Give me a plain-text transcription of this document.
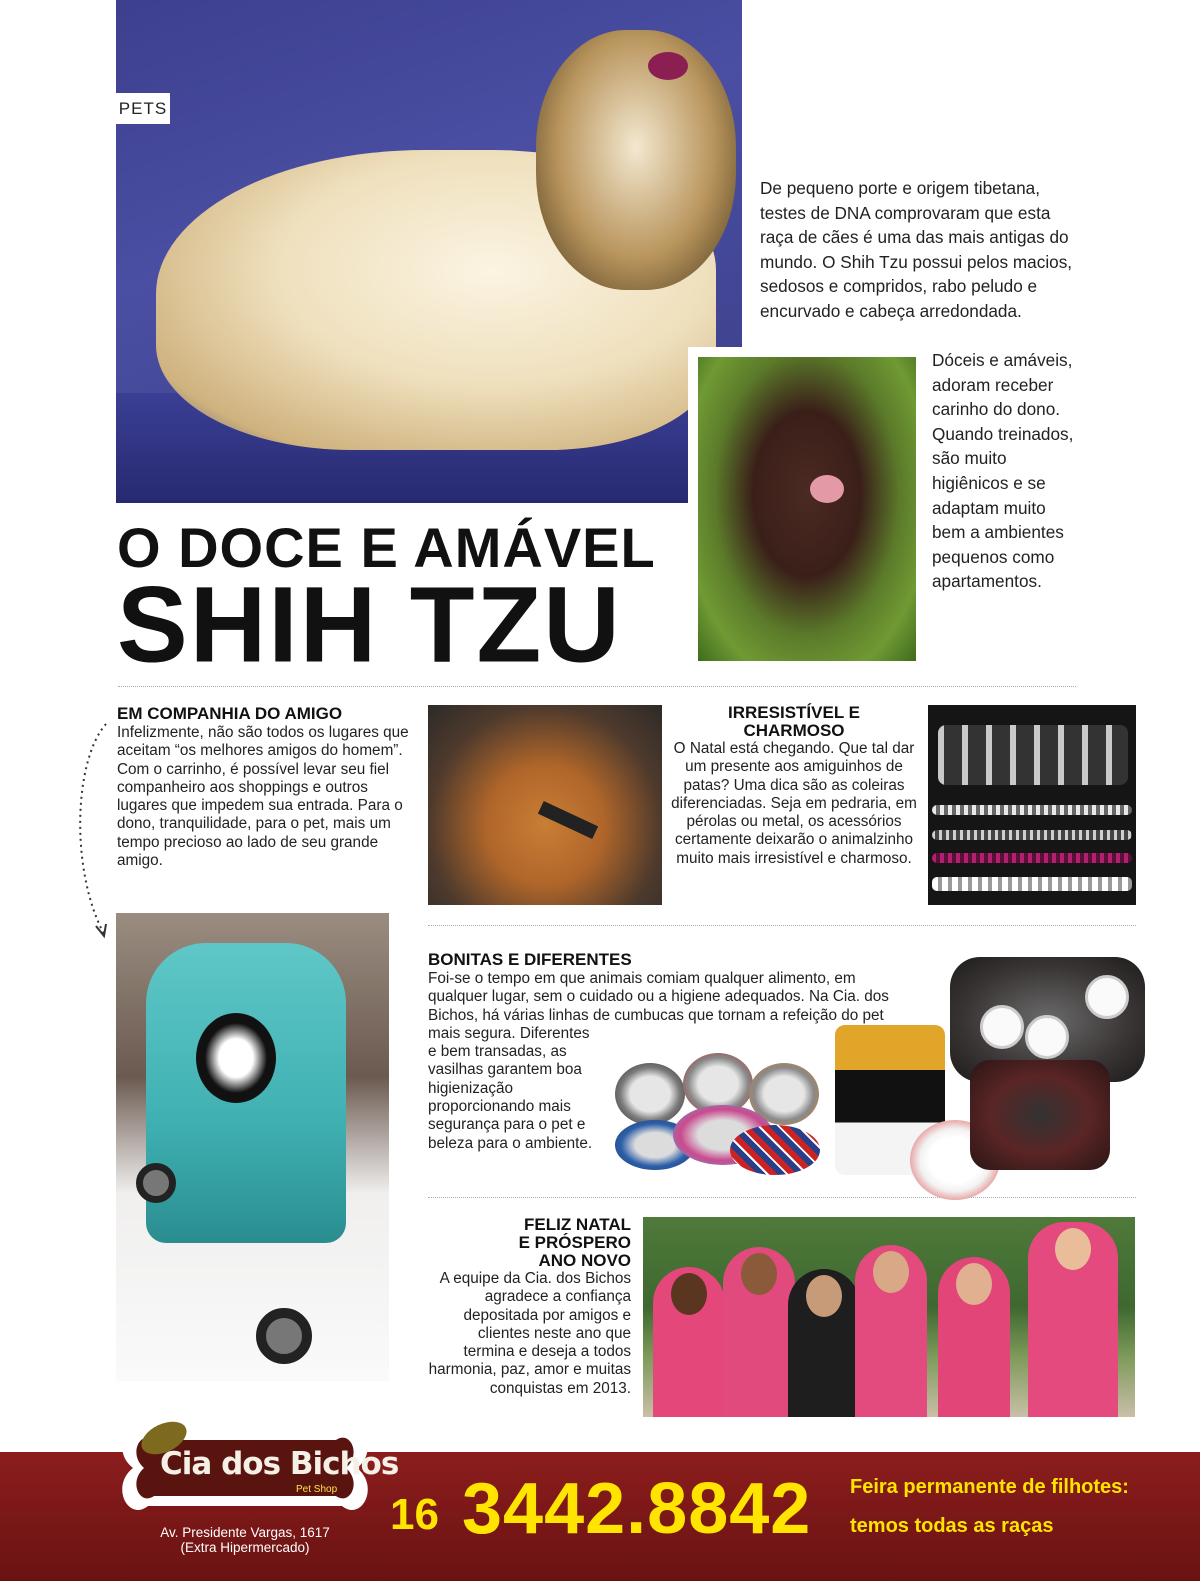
PETS
De pequeno porte e origem tibetana, testes de DNA comprovaram que esta raça de cães é uma das mais antigas do mundo. O Shih Tzu possui pelos macios, sedosos e compridos, rabo peludo e encurvado e cabeça arredondada.
Dóceis e amáveis, adoram receber carinho do dono. Quando treinados, são muito higiênicos e se adaptam muito bem a ambientes pequenos como apartamentos.
O DOCE E AMÁVEL
SHIH TZU
EM COMPANHIA DO AMIGO
Infelizmente, não são todos os lugares que aceitam “os melhores amigos do homem”. Com o carrinho, é possível levar seu fiel companheiro aos shoppings e outros lugares que impedem sua entrada. Para o dono, tranquilidade, para o pet, mais um tempo precioso ao lado de seu grande amigo.
IRRESISTÍVEL E CHARMOSO
O Natal está chegando. Que tal dar um presente aos amiguinhos de patas? Uma dica são as coleiras diferenciadas. Seja em pedraria, em pérolas ou metal, os acessórios certamente deixarão o animalzinho muito mais irresistível e charmoso.
BONITAS E DIFERENTES
Foi-se o tempo em que animais comiam qualquer alimento, em qualquer lugar, sem o cuidado ou a higiene adequados. Na Cia. dos Bichos, há várias linhas de cumbucas que tornam a refeição do pet mais segura. Diferentes
e bem transadas, as vasilhas garantem boa higienização proporcionando mais segurança para o pet e beleza para o ambiente.
FELIZ NATAL E PRÓSPERO ANO NOVO
A equipe da Cia. dos Bichos agradece a confiança depositada por amigos e clientes neste ano que termina e deseja a todos harmonia, paz, amor e muitas conquistas em 2013.
Cia dos Bichos
Pet Shop
Av. Presidente Vargas, 1617
(Extra Hipermercado)
16 3442.8842 Feira permanente de filhotes:
temos todas as raças
